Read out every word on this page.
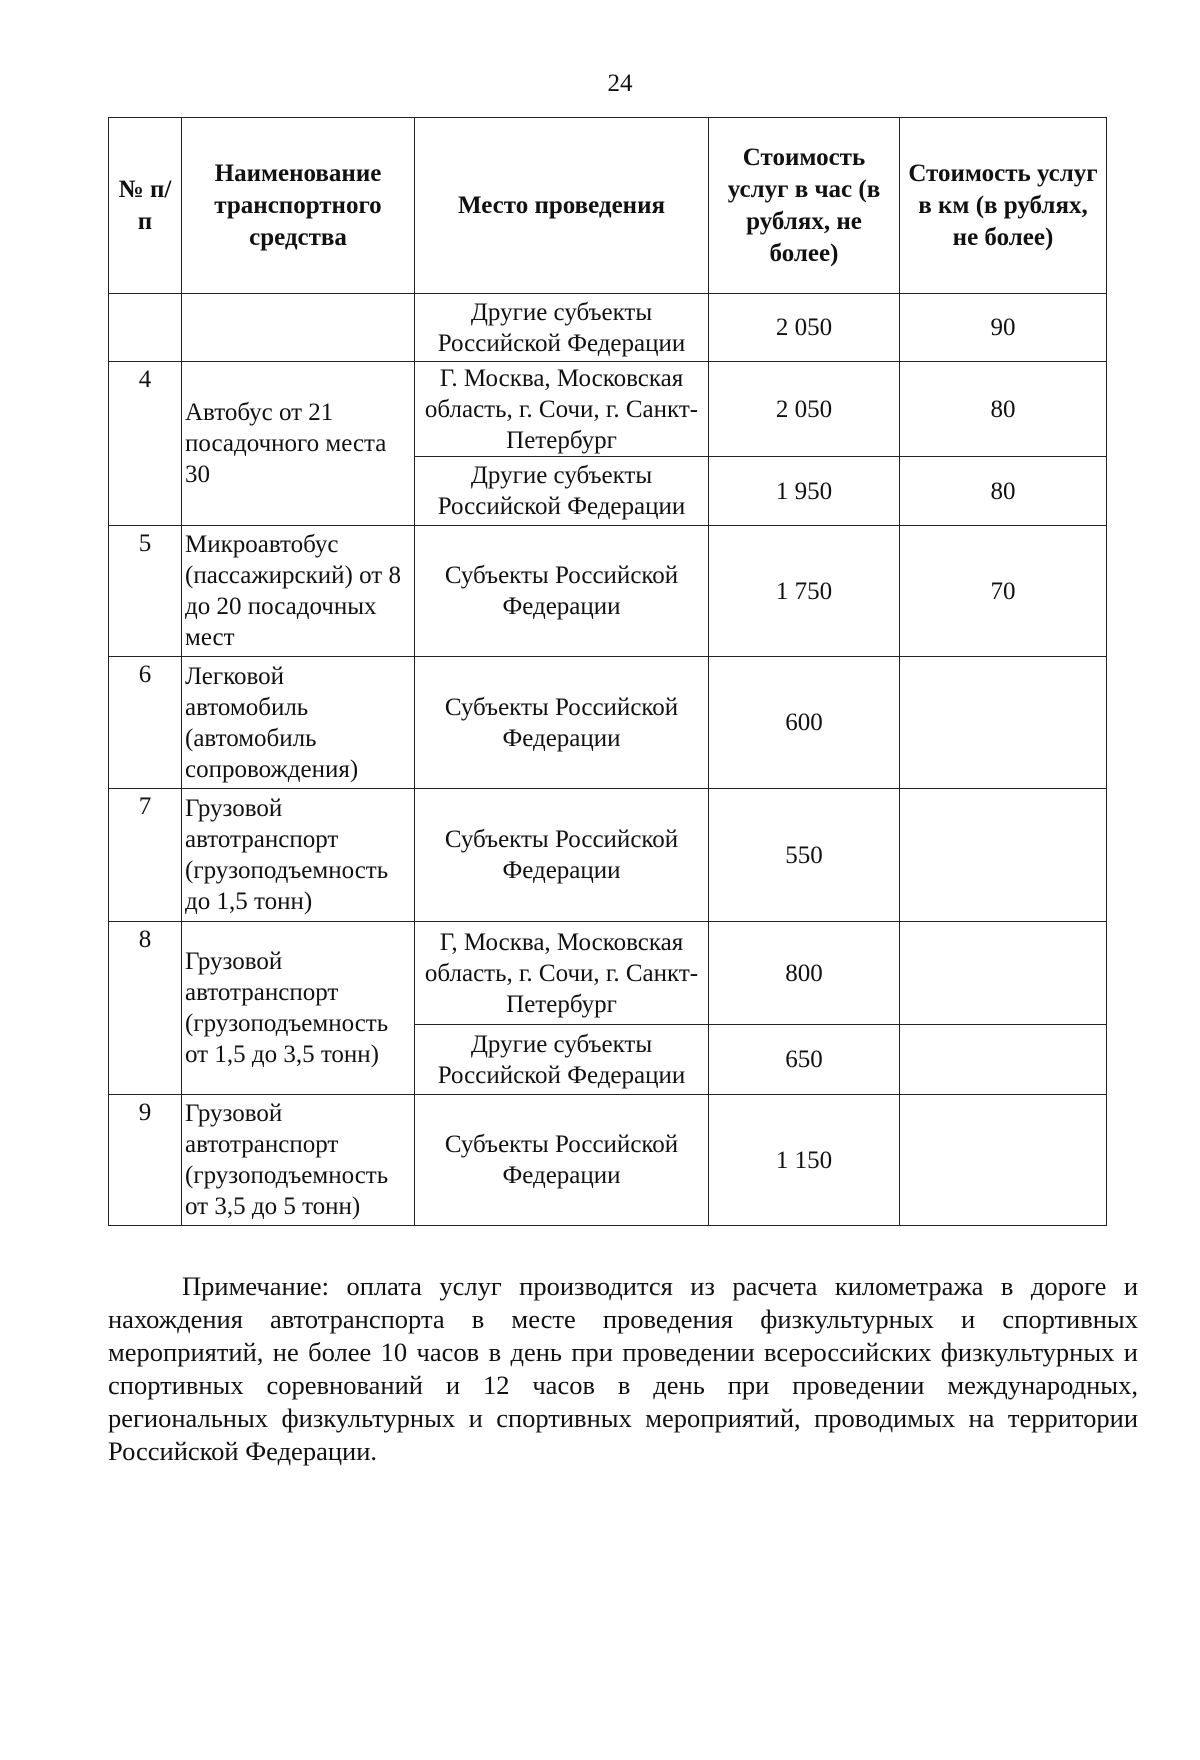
24
№ п/п	Наименование транспортного средства	Место проведения	Стоимость услуг в час (в рублях, не более)	Стоимость услуг в км (в рублях, не более)
		Другие субъекты Российской Федерации	2 050	90
4	Автобус от 21 посадочного места 30	Г. Москва, Московская область, г. Сочи, г. Санкт-Петербург	2 050	80
		Другие субъекты Российской Федерации	1 950	80
5	Микроавтобус (пассажирский) от 8 до 20 посадочных мест	Субъекты Российской Федерации	1 750	70
6	Легковой автомобиль (автомобиль сопровождения)	Субъекты Российской Федерации	600	
7	Грузовой автотранспорт (грузоподъемность до 1,5 тонн)	Субъекты Российской Федерации	550	
8	Грузовой автотранспорт (грузоподъемность от 1,5 до 3,5 тонн)	Г, Москва, Московская область, г. Сочи, г. Санкт-Петербург	800	
		Другие субъекты Российской Федерации	650	
9	Грузовой автотранспорт (грузоподъемность от 3,5 до 5 тонн)	Субъекты Российской Федерации	1 150	

Примечание: оплата услуг производится из расчета километража в дороге и нахождения автотранспорта в месте проведения физкультурных и спортивных мероприятий, не более 10 часов в день при проведении всероссийских физкультурных и спортивных соревнований и 12 часов в день при проведении международных, региональных физкультурных и спортивных мероприятий, проводимых на территории Российской Федерации.
